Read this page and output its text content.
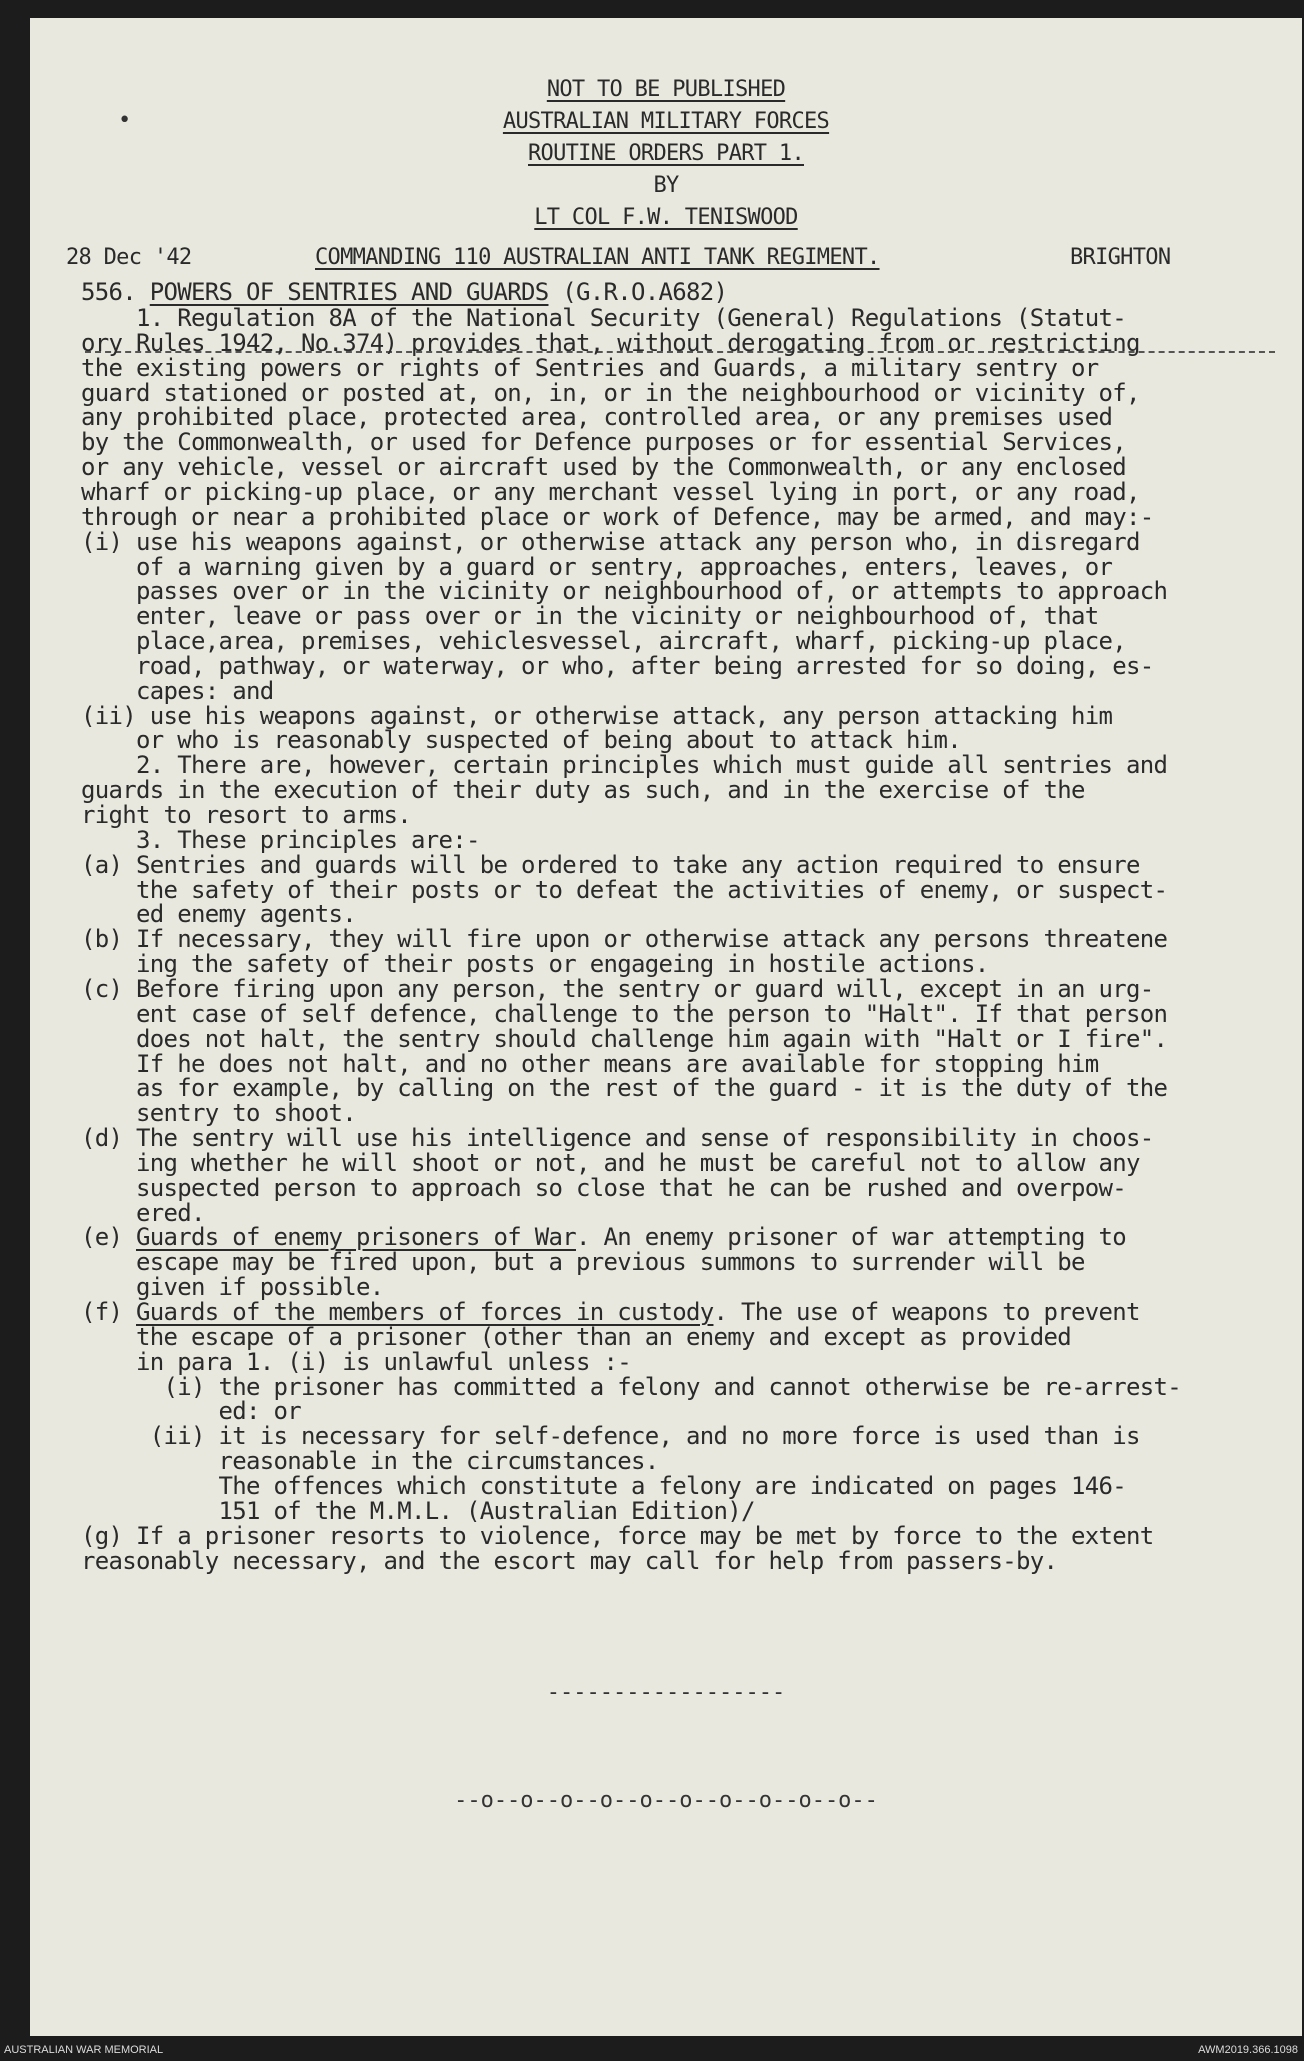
•

NOT TO BE PUBLISHED

AUSTRALIAN MILITARY FORCES

ROUTINE ORDERS PART 1.

BY

LT COL F.W. TENISWOOD

28 Dec '42	COMMANDING 110 AUSTRALIAN ANTI TANK REGIMENT.	BRIGHTON

556. POWERS OF SENTRIES AND GUARDS (G.R.O.A682)

1. Regulation 8A of the National Security (General) Regulations (Statut-

ory Rules 1942, No.374) provides that, without derogating from or restricting

the existing powers or rights of Sentries and Guards, a military sentry or

guard stationed or posted at, on, in, or in the neighbourhood or vicinity of,

any prohibited place, protected area, controlled area, or any premises used

by the Commonwealth, or used for Defence purposes or for essential Services,

or any vehicle, vessel or aircraft used by the Commonwealth, or any enclosed

wharf or picking-up place, or any merchant vessel lying in port, or any road,

through or near a prohibited place or work of Defence, may be armed, and may:-

(i) use his weapons against, or otherwise attack any person who, in disregard

of a warning given by a guard or sentry, approaches, enters, leaves, or

passes over or in the vicinity or neighbourhood of, or attempts to approach

enter, leave or pass over or in the vicinity or neighbourhood of, that

place,area, premises, vehiclesvessel, aircraft, wharf, picking-up place,

road, pathway, or waterway, or who, after being arrested for so doing, es-

capes: and

(ii) use his weapons against, or otherwise attack, any person attacking him

or who is reasonably suspected of being about to attack him.

2. There are, however, certain principles which must guide all sentries and

guards in the execution of their duty as such, and in the exercise of the

right to resort to arms.

3. These principles are:-

(a) Sentries and guards will be ordered to take any action required to ensure

the safety of their posts or to defeat the activities of enemy, or suspect-

ed enemy agents.

(b) If necessary, they will fire upon or otherwise attack any persons threatene

ing the safety of their posts or engageing in hostile actions.

(c) Before firing upon any person, the sentry or guard will, except in an urg-

ent case of self defence, challenge to the person to "Halt". If that person

does not halt, the sentry should challenge him again with "Halt or I fire".

If he does not halt, and no other means are available for stopping him

as for example, by calling on the rest of the guard - it is the duty of the

sentry to shoot.

(d) The sentry will use his intelligence and sense of responsibility in choos-

ing whether he will shoot or not, and he must be careful not to allow any

suspected person to approach so close that he can be rushed and overpow-

ered.

(e) Guards of enemy prisoners of War. An enemy prisoner of war attempting to

escape may be fired upon, but a previous summons to surrender will be

given if possible.

(f) Guards of the members of forces in custody. The use of weapons to prevent

the escape of a prisoner (other than an enemy and except as provided

in para 1. (i) is unlawful unless :-

(i) the prisoner has committed a felony and cannot otherwise be re-arrest-

ed: or

(ii) it is necessary for self-defence, and no more force is used than is

reasonable in the circumstances.

The offences which constitute a felony are indicated on pages 146-

151 of the M.M.L. (Australian Edition)/

(g) If a prisoner resorts to violence, force may be met by force to the extent

reasonably necessary, and the escort may call for help from passers-by.

------------------

--o--o--o--o--o--o--o--o--o--o--

AUSTRALIAN WAR MEMORIAL	AWM2019.366.1098
